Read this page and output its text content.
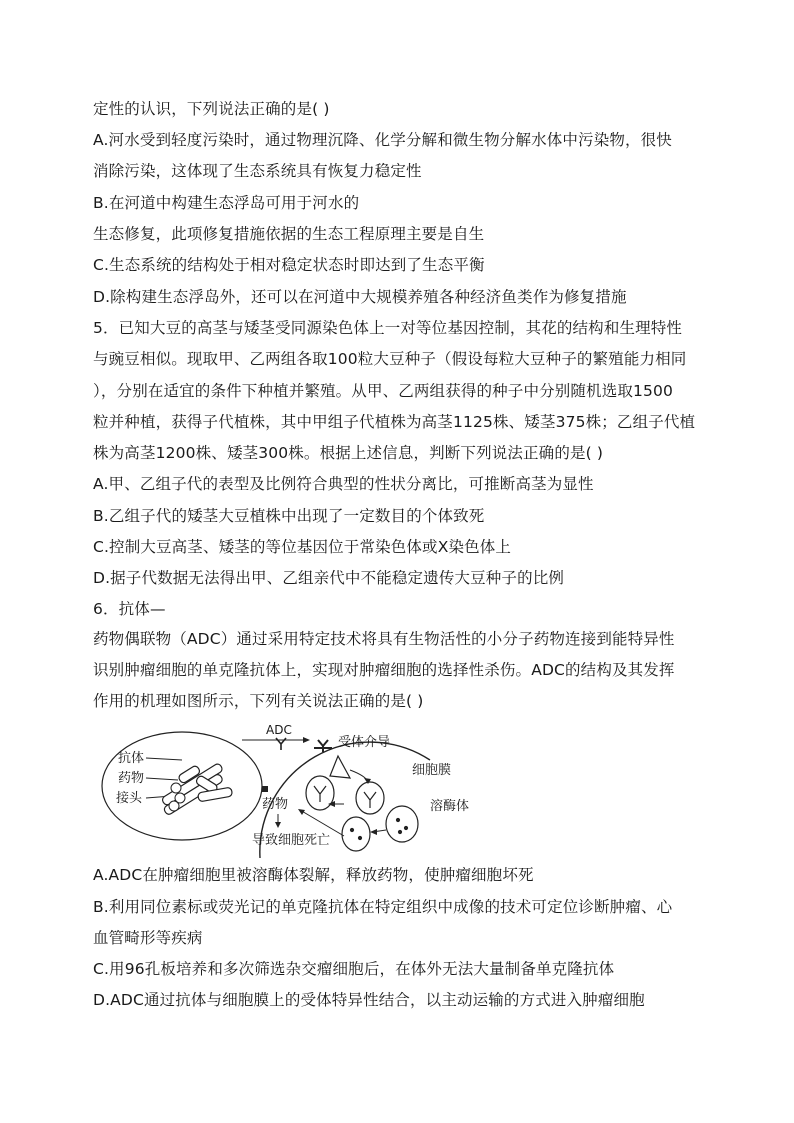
定性的认识，下列说法正确的是( )
A.河水受到轻度污染时，通过物理沉降、化学分解和微生物分解水体中污染物，很快
消除污染，这体现了生态系统具有恢复力稳定性
B.在河道中构建生态浮岛可用于河水的
生态修复，此项修复措施依据的生态工程原理主要是自生
C.生态系统的结构处于相对稳定状态时即达到了生态平衡
D.除构建生态浮岛外，还可以在河道中大规模养殖各种经济鱼类作为修复措施
5．已知大豆的高茎与矮茎受同源染色体上一对等位基因控制，其花的结构和生理特性
与豌豆相似。现取甲、乙两组各取100粒大豆种子（假设每粒大豆种子的繁殖能力相同
），分别在适宜的条件下种植并繁殖。从甲、乙两组获得的种子中分别随机选取1500
粒并种植，获得子代植株，其中甲组子代植株为高茎1125株、矮茎375株；乙组子代植
株为高茎1200株、矮茎300株。根据上述信息，判断下列说法正确的是( )
A.甲、乙组子代的表型及比例符合典型的性状分离比，可推断高茎为显性
B.乙组子代的矮茎大豆植株中出现了一定数目的个体致死
C.控制大豆高茎、矮茎的等位基因位于常染色体或X染色体上
D.据子代数据无法得出甲、乙组亲代中不能稳定遗传大豆种子的比例
6．抗体—
药物偶联物（ADC）通过采用特定技术将具有生物活性的小分子药物连接到能特异性
识别肿瘤细胞的单克隆抗体上，实现对肿瘤细胞的选择性杀伤。ADC的结构及其发挥
作用的机理如图所示，下列有关说法正确的是( )
抗体
药物
接头
ADC
受体介导
细胞膜
溶酶体
药物
导致细胞死亡
A.ADC在肿瘤细胞里被溶酶体裂解，释放药物，使肿瘤细胞坏死
B.利用同位素标或荧光记的单克隆抗体在特定组织中成像的技术可定位诊断肿瘤、心
血管畸形等疾病
C.用96孔板培养和多次筛选杂交瘤细胞后，在体外无法大量制备单克隆抗体
D.ADC通过抗体与细胞膜上的受体特异性结合，以主动运输的方式进入肿瘤细胞
